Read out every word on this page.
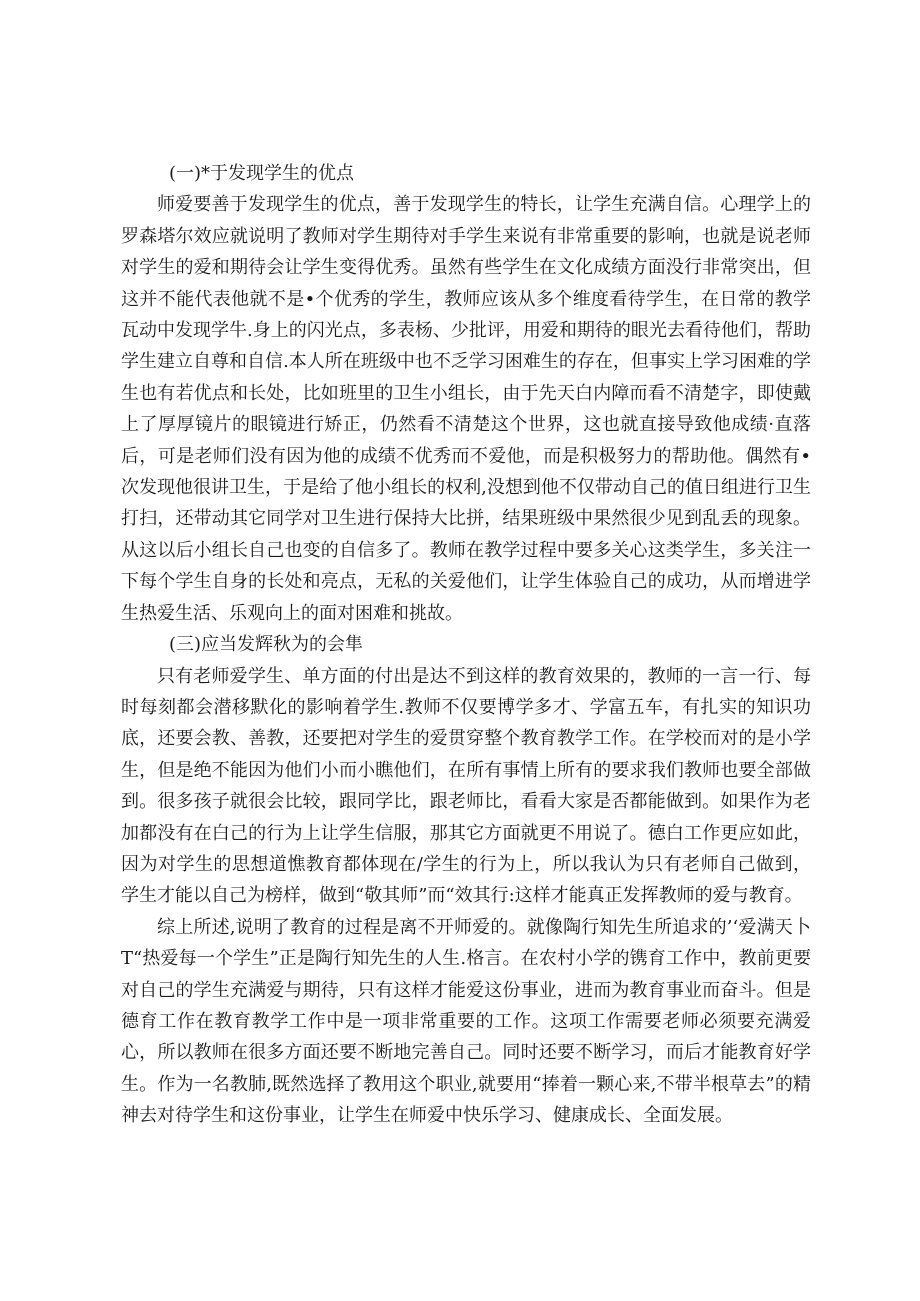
(一)*于发现学生的优点

师爱要善于发现学生的优点，善于发现学生的特长，让学生充满自信。心理学上的罗森塔尔效应就说明了教师对学生期待对手学生来说有非常重要的影响，也就是说老师对学生的爱和期待会让学生变得优秀。虽然有些学生在文化成绩方面没行非常突出，但这并不能代表他就不是•个优秀的学生，教师应该从多个维度看待学生，在日常的教学瓦动中发现学牛.身上的闪光点，多表杨、少批评，用爱和期待的眼光去看待他们，帮助学生建立自尊和自信.本人所在班级中也不乏学习困难生的存在，但事实上学习困难的学生也有若优点和长处，比如班里的卫生小组长，由于先天白内障而看不清楚字，即使戴上了厚厚镜片的眼镜进行矫正，仍然看不清楚这个世界，这也就直接导致他成绩·直落后，可是老师们没有因为他的成绩不优秀而不爱他，而是积极努力的帮助他。偶然有•次发现他很讲卫生，于是给了他小组长的权利,没想到他不仅带动自己的值日组进行卫生打扫，还带动其它同学对卫生进行保持大比拼，结果班级中果然很少见到乱丢的现象。从这以后小组长自己也变的自信多了。教师在教学过程中要多关心这类学生，多关注一下每个学生自身的长处和亮点，无私的关爱他们，让学生体验自己的成功，从而增进学生热爱生活、乐观向上的面对困难和挑故。

(三)应当发辉秋为的会隼

只有老师爱学生、单方面的付出是达不到这样的教育效果的，教师的一言一行、每时每刻都会潜移默化的影响着学生.教师不仅要博学多才、学富五车，有扎实的知识功底，还要会教、善教，还要把对学生的爱贯穿整个教育教学工作。在学校而对的是小学生，但是绝不能因为他们小而小瞧他们，在所有事情上所有的要求我们教师也要全部做到。很多孩子就很会比较，跟同学比，跟老师比，看看大家是否都能做到。如果作为老加都没有在白己的行为上让学生信服，那其它方面就更不用说了。德白工作更应如此，因为对学生的思想道憔教育都体现在/学生的行为上，所以我认为只有老师自己做到，学生才能以自己为榜样，做到“敬其师”而“效其行:这样才能真正发挥教师的爱与教育。

综上所述,说明了教育的过程是离不开师爱的。就像陶行知先生所追求的’‘爱满天卜T“热爱每一个学生”正是陶行知先生的人生.格言。在农村小学的镌育工作中，教前更要对自己的学生充满爱与期待，只有这样才能爱这份事业，进而为教育事业而奋斗。但是德育工作在教育教学工作中是一项非常重要的工作。这项工作需要老师必须要充满爱心，所以教师在很多方面还要不断地完善自己。同时还要不断学习，而后才能教育好学生。作为一名教肺,既然选择了教用这个职业,就要用“捧着一颗心来,不带半根草去”的精神去对待学生和这份事业，让学生在师爱中快乐学习、健康成长、全面发展。
